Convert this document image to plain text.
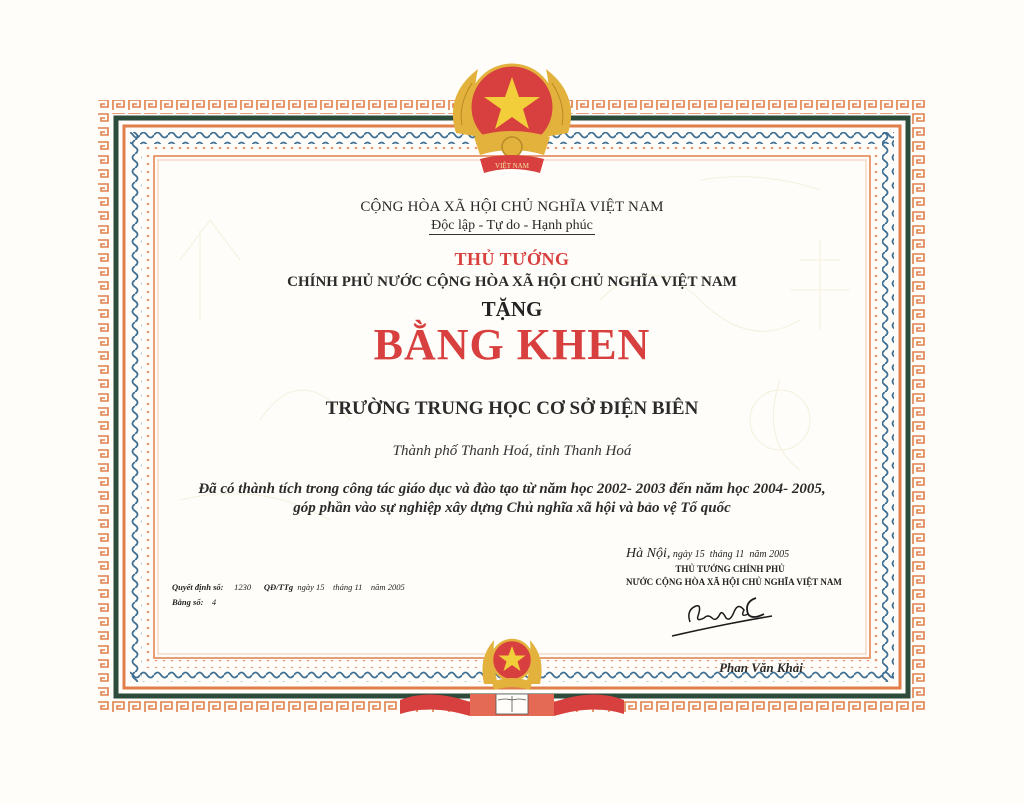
VIỆT NAM
CỘNG HÒA XÃ HỘI CHỦ NGHĨA VIỆT NAM
Độc lập - Tự do - Hạnh phúc
THỦ TƯỚNG
CHÍNH PHỦ NƯỚC CỘNG HÒA XÃ HỘI CHỦ NGHĨA VIỆT NAM
TẶNG
BẰNG KHEN
TRƯỜNG TRUNG HỌC CƠ SỞ ĐIỆN BIÊN
Thành phố Thanh Hoá, tỉnh Thanh Hoá
Đã có thành tích trong công tác giáo dục và đào tạo từ năm học 2002- 2003 đến năm học 2004- 2005,
góp phần vào sự nghiệp xây dựng Chủ nghĩa xã hội và bảo vệ Tổ quốc
Hà Nội, ngày 15 tháng 11 năm 2005
THỦ TƯỚNG CHÍNH PHỦ
NƯỚC CỘNG HÒA XÃ HỘI CHỦ NGHĨA VIỆT NAM
Phan Văn Khải
Quyết định số: 1230 QĐ/TTg ngày 15 tháng 11 năm 2005
Bằng số: 4
